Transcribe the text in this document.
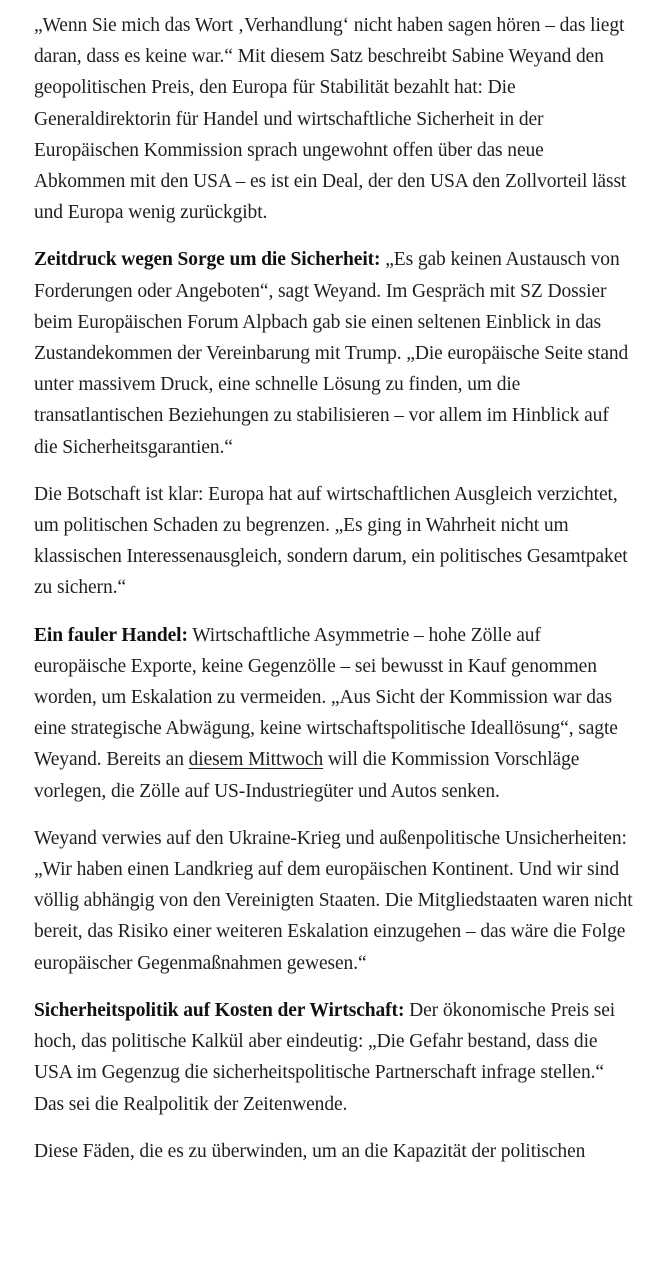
„Wenn Sie mich das Wort ‚Verhandlung‘ nicht haben sagen hören – das liegt daran, dass es keine war.“ Mit diesem Satz beschreibt Sabine Weyand den geopolitischen Preis, den Europa für Stabilität bezahlt hat: Die Generaldirektorin für Handel und wirtschaftliche Sicherheit in der Europäischen Kommission sprach ungewohnt offen über das neue Abkommen mit den USA – es ist ein Deal, der den USA den Zollvorteil lässt und Europa wenig zurückgibt.

Zeitdruck wegen Sorge um die Sicherheit: „Es gab keinen Austausch von Forderungen oder Angeboten“, sagt Weyand. Im Gespräch mit SZ Dossier beim Europäischen Forum Alpbach gab sie einen seltenen Einblick in das Zustandekommen der Vereinbarung mit Trump. „Die europäische Seite stand unter massivem Druck, eine schnelle Lösung zu finden, um die transatlantischen Beziehungen zu stabilisieren – vor allem im Hinblick auf die Sicherheitsgarantien.“

Die Botschaft ist klar: Europa hat auf wirtschaftlichen Ausgleich verzichtet, um politischen Schaden zu begrenzen. „Es ging in Wahrheit nicht um klassischen Interessenausgleich, sondern darum, ein politisches Gesamtpaket zu sichern.“

Ein fauler Handel: Wirtschaftliche Asymmetrie – hohe Zölle auf europäische Exporte, keine Gegenzölle – sei bewusst in Kauf genommen worden, um Eskalation zu vermeiden. „Aus Sicht der Kommission war das eine strategische Abwägung, keine wirtschaftspolitische Ideallösung“, sagte Weyand. Bereits an diesem Mittwoch will die Kommission Vorschläge vorlegen, die Zölle auf US-Industriegüter und Autos senken.

Weyand verwies auf den Ukraine-Krieg und außenpolitische Unsicherheiten: „Wir haben einen Landkrieg auf dem europäischen Kontinent. Und wir sind völlig abhängig von den Vereinigten Staaten. Die Mitgliedstaaten waren nicht bereit, das Risiko einer weiteren Eskalation einzugehen – das wäre die Folge europäischer Gegenmaßnahmen gewesen.“

Sicherheitspolitik auf Kosten der Wirtschaft: Der ökonomische Preis sei hoch, das politische Kalkül aber eindeutig: „Die Gefahr bestand, dass die USA im Gegenzug die sicherheitspolitische Partnerschaft infrage stellen.“ Das sei die Realpolitik der Zeitenwende.

Diese Fäden, die es zu überwinden, um an die Kapazität der politischen
